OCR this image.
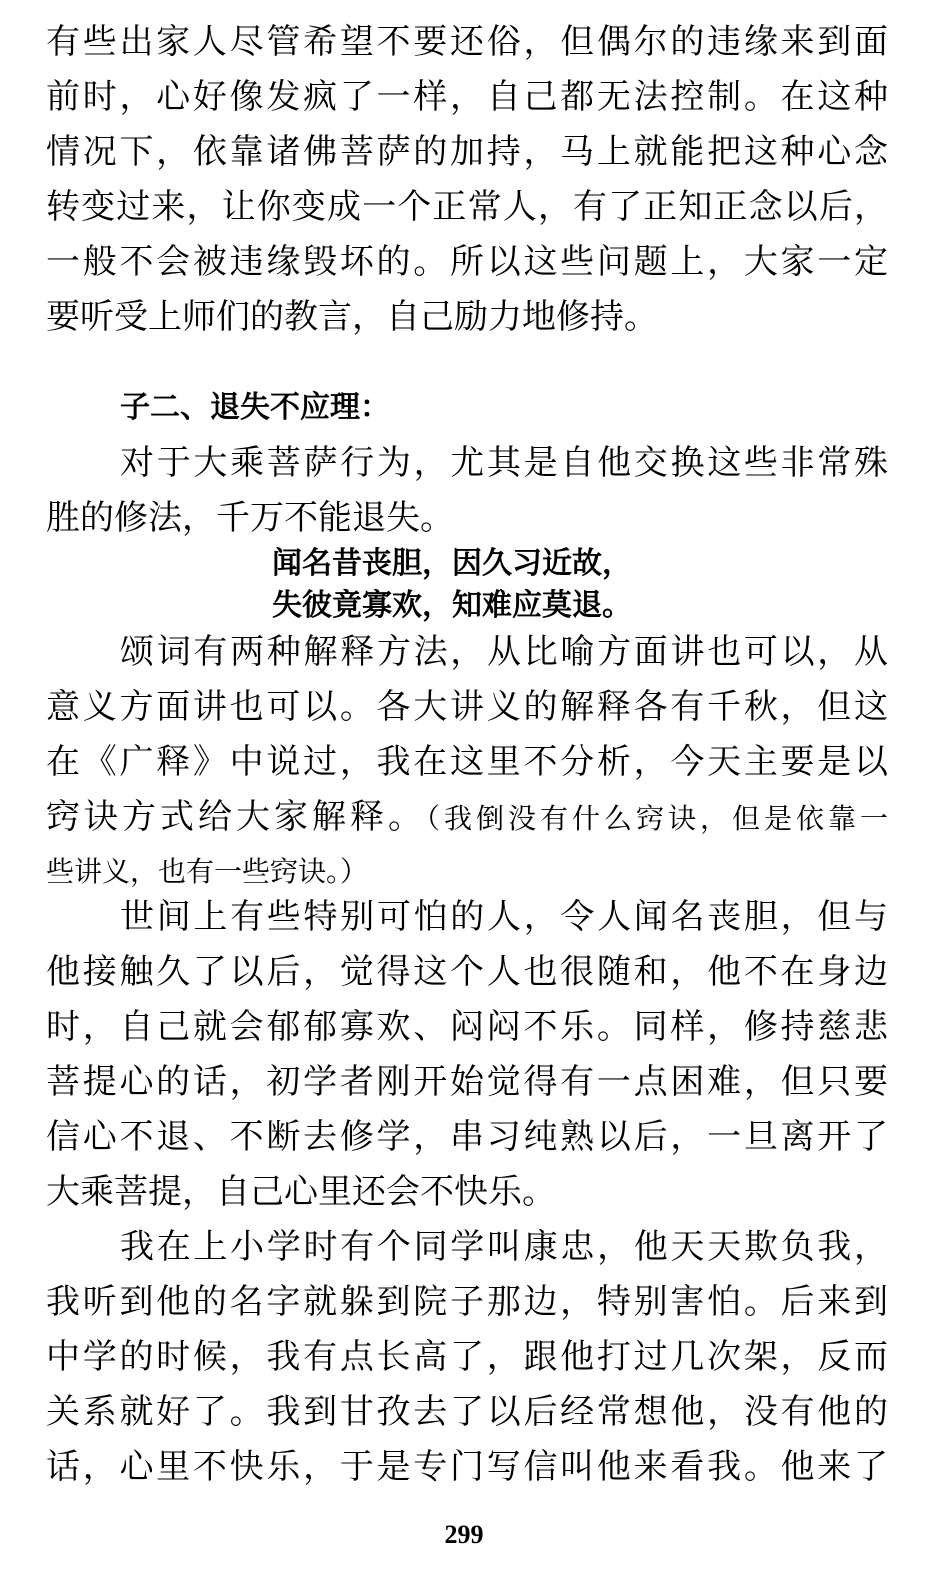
有些出家人尽管希望不要还俗，但偶尔的违缘来到面
前时，心好像发疯了一样，自己都无法控制。在这种
情况下，依靠诸佛菩萨的加持，马上就能把这种心念
转变过来，让你变成一个正常人，有了正知正念以后，
一般不会被违缘毁坏的。所以这些问题上，大家一定
要听受上师们的教言，自己励力地修持。
子二、退失不应理：
对于大乘菩萨行为，尤其是自他交换这些非常殊
胜的修法，千万不能退失。
闻名昔丧胆，因久习近故，
失彼竟寡欢，知难应莫退。
颂词有两种解释方法，从比喻方面讲也可以，从
意义方面讲也可以。各大讲义的解释各有千秋，但这
在《广释》中说过，我在这里不分析，今天主要是以
窍诀方式给大家解释。（我倒没有什么窍诀，但是依靠一
些讲义，也有一些窍诀。）
世间上有些特别可怕的人，令人闻名丧胆，但与
他接触久了以后，觉得这个人也很随和，他不在身边
时，自己就会郁郁寡欢、闷闷不乐。同样，修持慈悲
菩提心的话，初学者刚开始觉得有一点困难，但只要
信心不退、不断去修学，串习纯熟以后，一旦离开了
大乘菩提，自己心里还会不快乐。
我在上小学时有个同学叫康忠，他天天欺负我，
我听到他的名字就躲到院子那边，特别害怕。后来到
中学的时候，我有点长高了，跟他打过几次架，反而
关系就好了。我到甘孜去了以后经常想他，没有他的
话，心里不快乐，于是专门写信叫他来看我。他来了
299
